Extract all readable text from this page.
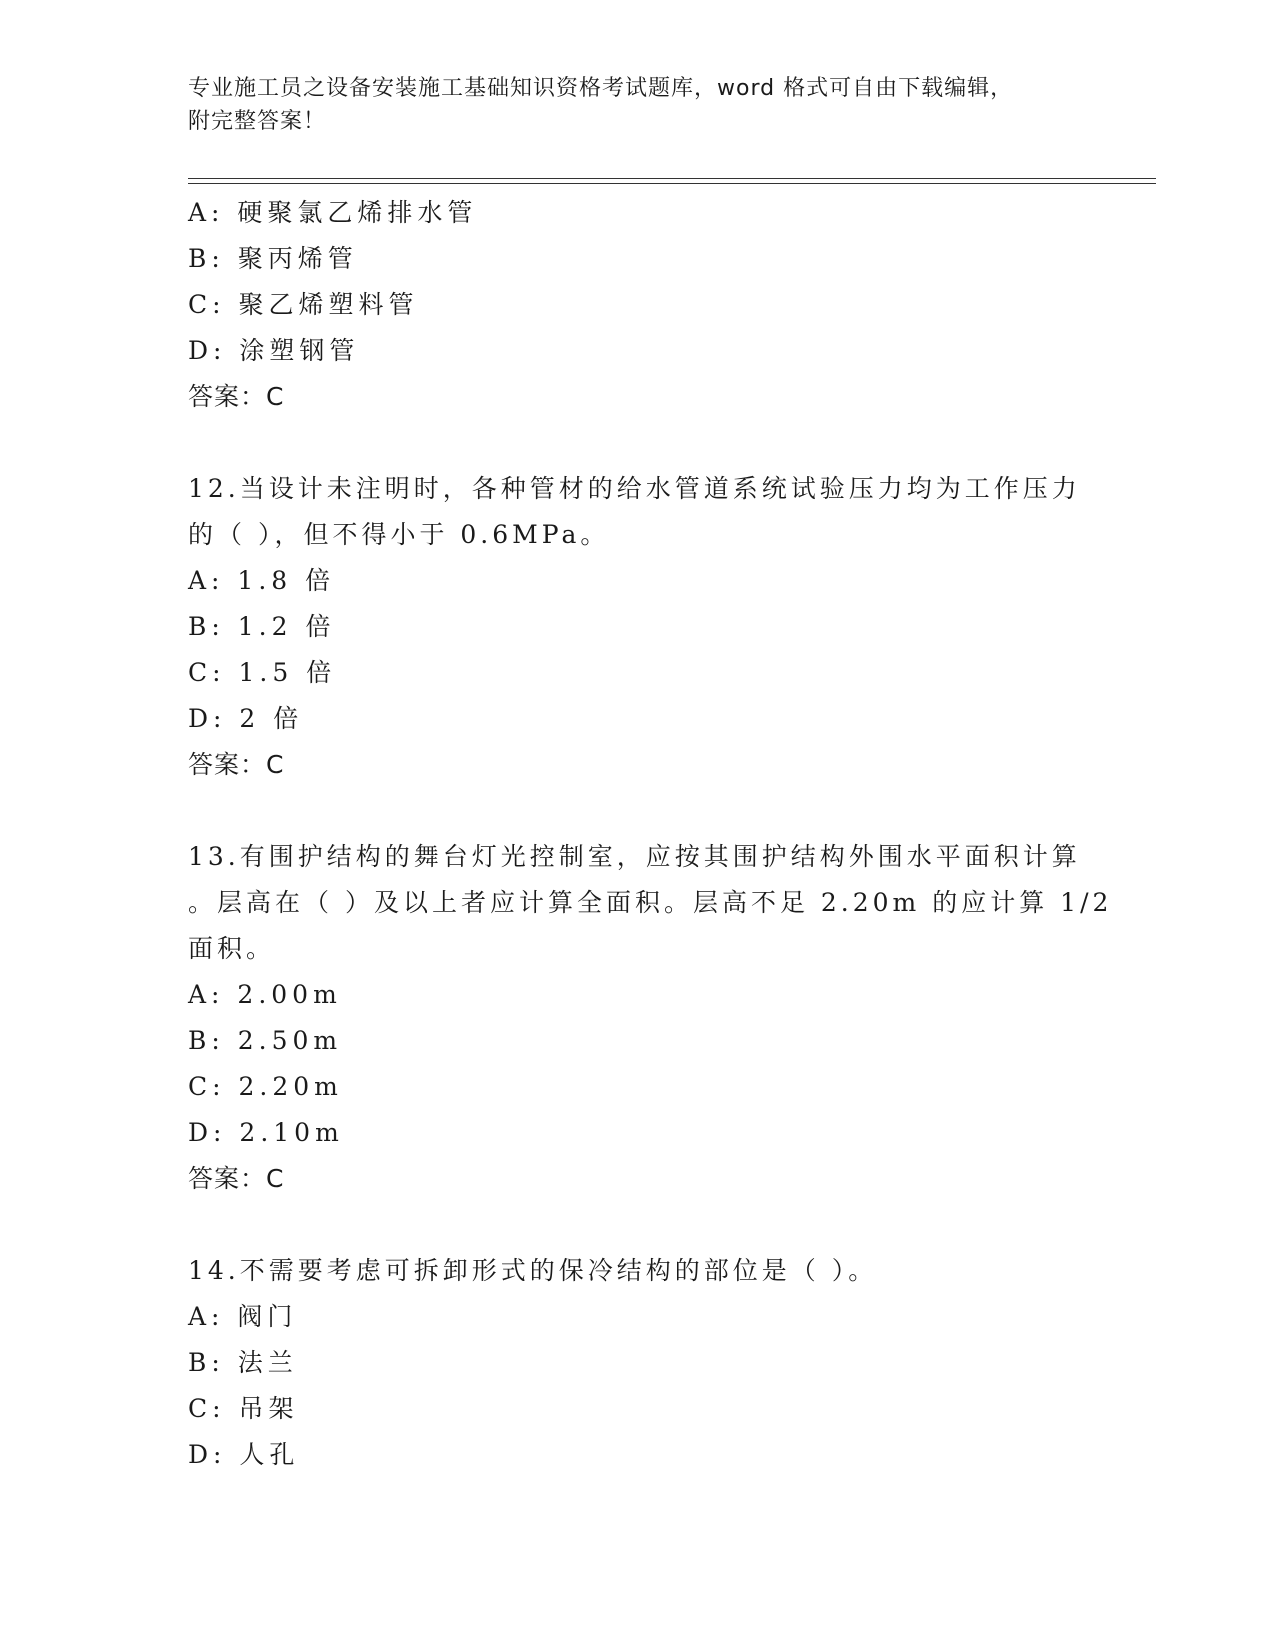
专业施工员之设备安装施工基础知识资格考试题库，word 格式可自由下载编辑，
附完整答案！
A: 硬聚氯乙烯排水管
B: 聚丙烯管
C: 聚乙烯塑料管
D: 涂塑钢管
答案：C
12.当设计未注明时，各种管材的给水管道系统试验压力均为工作压力
的（ ），但不得小于 0.6MPa。
A: 1.8 倍
B: 1.2 倍
C: 1.5 倍
D: 2 倍
答案：C
13.有围护结构的舞台灯光控制室，应按其围护结构外围水平面积计算
。层高在（ ）及以上者应计算全面积。层高不足 2.20m 的应计算 1/2
面积。
A: 2.00m
B: 2.50m
C: 2.20m
D: 2.10m
答案：C
14.不需要考虑可拆卸形式的保冷结构的部位是（ ）。
A: 阀门
B: 法兰
C: 吊架
D: 人孔
